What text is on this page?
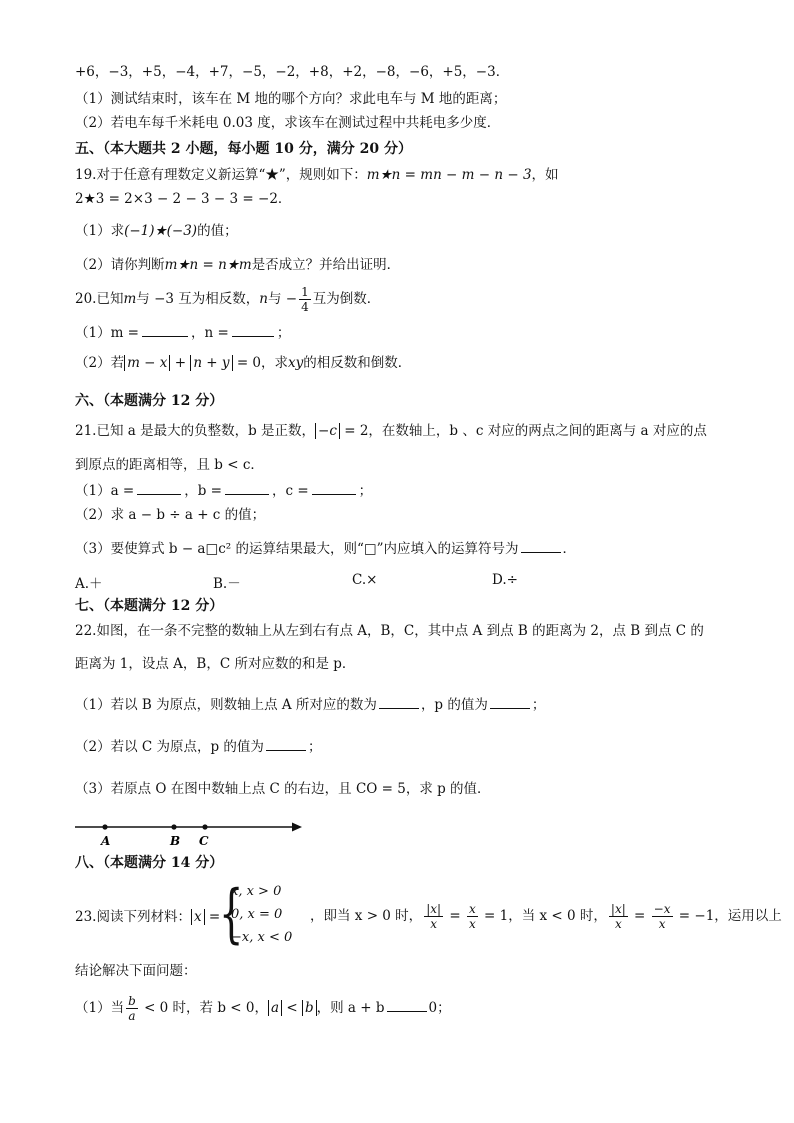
+6，−3，+5，−4，+7，−5，−2，+8，+2，−8，−6，+5，−3．
（1）测试结束时，该车在 M 地的哪个方向？求此电车与 M 地的距离；
（2）若电车每千米耗电 0.03 度，求该车在测试过程中共耗电多少度．
五、（本大题共 2 小题，每小题 10 分，满分 20 分）
19.对于任意有理数定义新运算“★”，规则如下：m★n = mn − m − n − 3，如
2★3 = 2×3 − 2 − 3 − 3 = −2．
（1）求(−1)★(−3)的值；
（2）请你判断m★n = n★m是否成立？并给出证明．
20.已知m与 −3 互为相反数，n与 − $\frac{1}{4}$ 互为倒数．
（1）m =	，n =	；
（2）若 m − x + n + y = 0，求xy的相反数和倒数．
六、（本题满分 12 分）
21.已知 a 是最大的负整数，b 是正数， −c = 2，在数轴上，b 、c 对应的两点之间的距离与 a 对应的点
到原点的距离相等，且 b < c．
（1）a =	，b =	，c =	；
（2）求 a − b ÷ a + c 的值；
（3）要使算式 b − a□c² 的运算结果最大，则“□”内应填入的运算符号为	．
A.＋	B.－	C.×	D.÷
七、（本题满分 12 分）
22.如图，在一条不完整的数轴上从左到右有点 A，B，C，其中点 A 到点 B 的距离为 2，点 B 到点 C 的
距离为 1，设点 A，B，C 所对应数的和是 p．
（1）若以 B 为原点，则数轴上点 A 所对应的数为	，p 的值为	；
（2）若以 C 为原点，p 的值为	；
（3）若原点 O 在图中数轴上点 C 的右边，且 CO = 5，求 p 的值．
A	B C
八、（本题满分 14 分）
23.阅读下列材料： x =
{
x, x > 0
0, x = 0
−x, x < 0
，即当 x > 0 时， $\frac{|x|}{x} = \frac{x}{x} = 1$，当 x < 0 时， $\frac{|x|}{x} = \frac{-x}{x} = -1$，运用以上
结论解决下面问题：
（1）当 $\frac{b}{a} < 0$ 时，若 b < 0， a < b ，则 a + b	0；
